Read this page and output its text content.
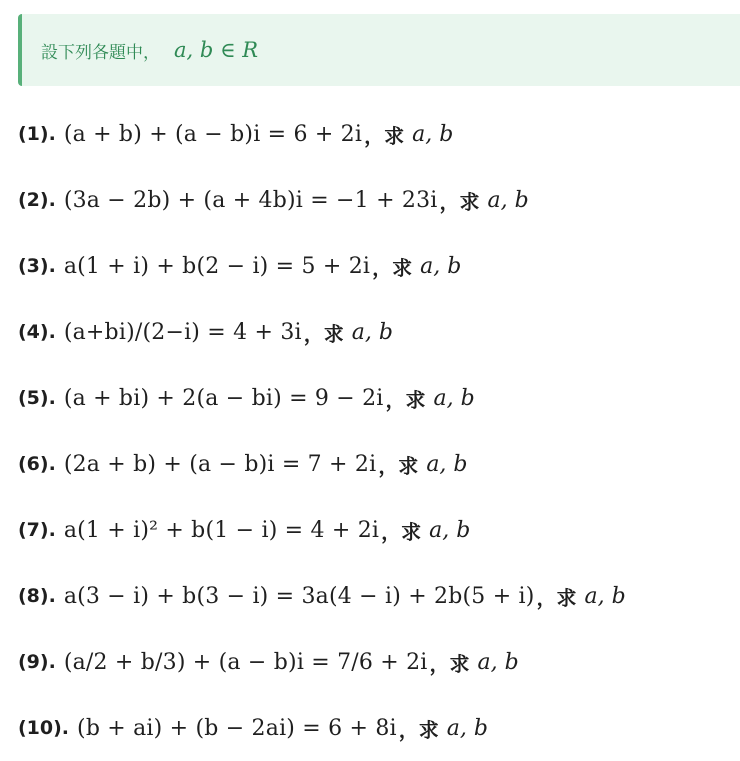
設下列各題中， a, b ∈ R
(1). (a + b) + (a − b)i = 6 + 2i ，求 a, b
(2). (3a − 2b) + (a + 4b)i = −1 + 23i ，求 a, b
(3). a(1 + i) + b(2 − i) = 5 + 2i ，求 a, b
(4). (a+bi)/(2−i) = 4 + 3i ，求 a, b
(5). (a + bi) + 2(a − bi) = 9 − 2i ，求 a, b
(6). (2a + b) + (a − b)i = 7 + 2i ，求 a, b
(7). a(1 + i)² + b(1 − i) = 4 + 2i ，求 a, b
(8). a(3 − i) + b(3 − i) = 3a(4 − i) + 2b(5 + i) ，求 a, b
(9). (a/2 + b/3) + (a − b)i = 7/6 + 2i ，求 a, b
(10). (b + ai) + (b − 2ai) = 6 + 8i ，求 a, b
